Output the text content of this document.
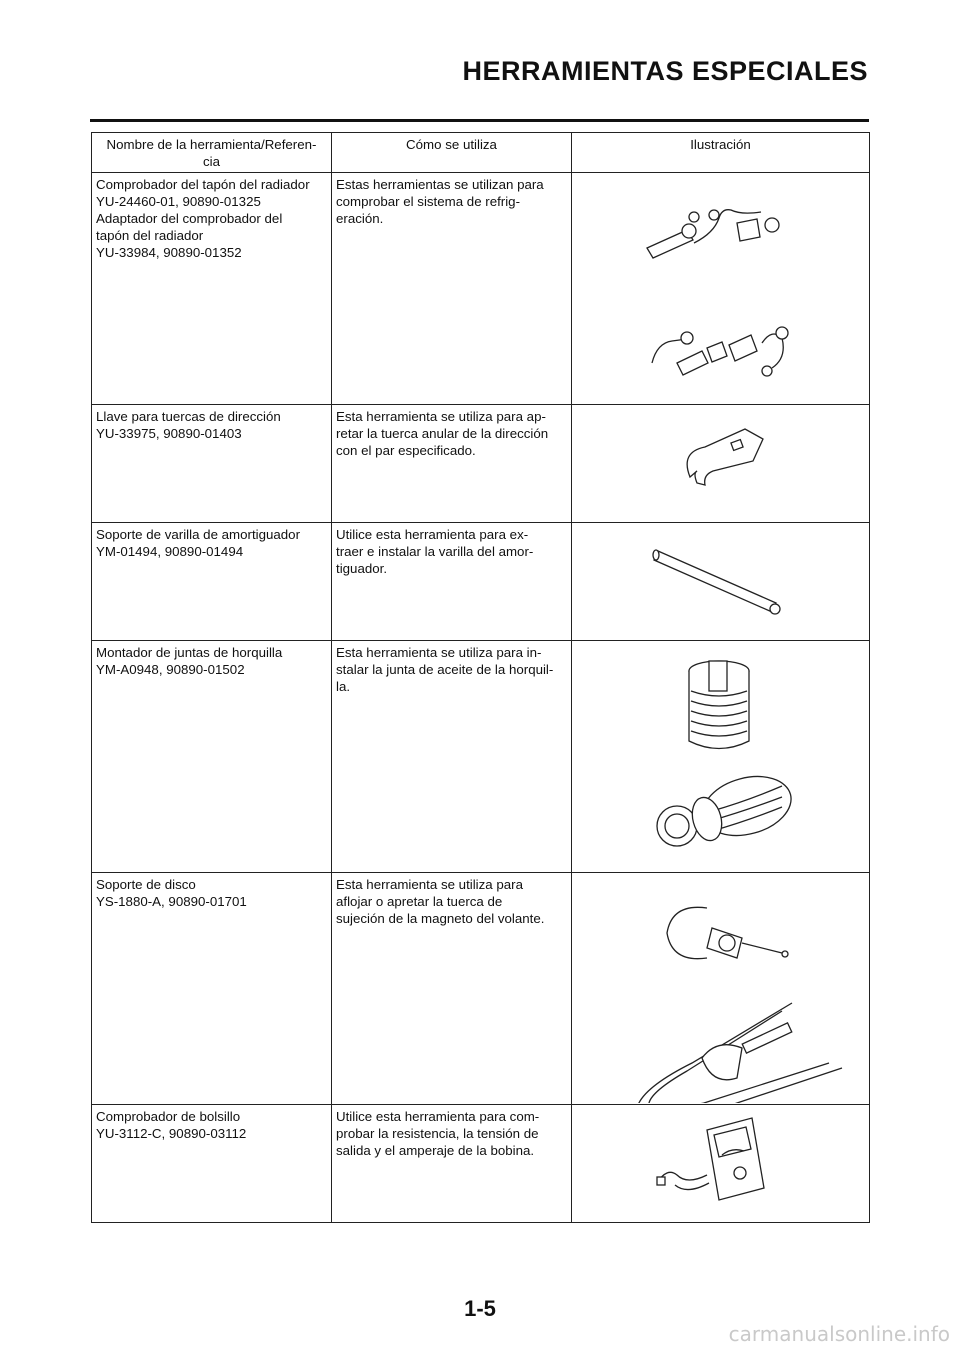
HERRAMIENTAS ESPECIALES
Nombre de la herramienta/Referen-
cia	Cómo se utiliza	Ilustración

Comprobador del tapón del radiador
YU-24460-01, 90890-01325
Adaptador del comprobador del
tapón del radiador
YU-33984, 90890-01352	Estas herramientas se utilizan para
comprobar el sistema de refrig-
eración.

Llave para tuercas de dirección
YU-33975, 90890-01403	Esta herramienta se utiliza para ap-
retar la tuerca anular de la dirección
con el par especificado.

Soporte de varilla de amortiguador
YM-01494, 90890-01494	Utilice esta herramienta para ex-
traer e instalar la varilla del amor-
tiguador.

Montador de juntas de horquilla
YM-A0948, 90890-01502	Esta herramienta se utiliza para in-
stalar la junta de aceite de la horquil-
la.

Soporte de disco
YS-1880-A, 90890-01701	Esta herramienta se utiliza para
aflojar o apretar la tuerca de
sujeción de la magneto del volante.

Comprobador de bolsillo
YU-3112-C, 90890-03112	Utilice esta herramienta para com-
probar la resistencia, la tensión de
salida y el amperaje de la bobina.

1-5
carmanualsonline.info
